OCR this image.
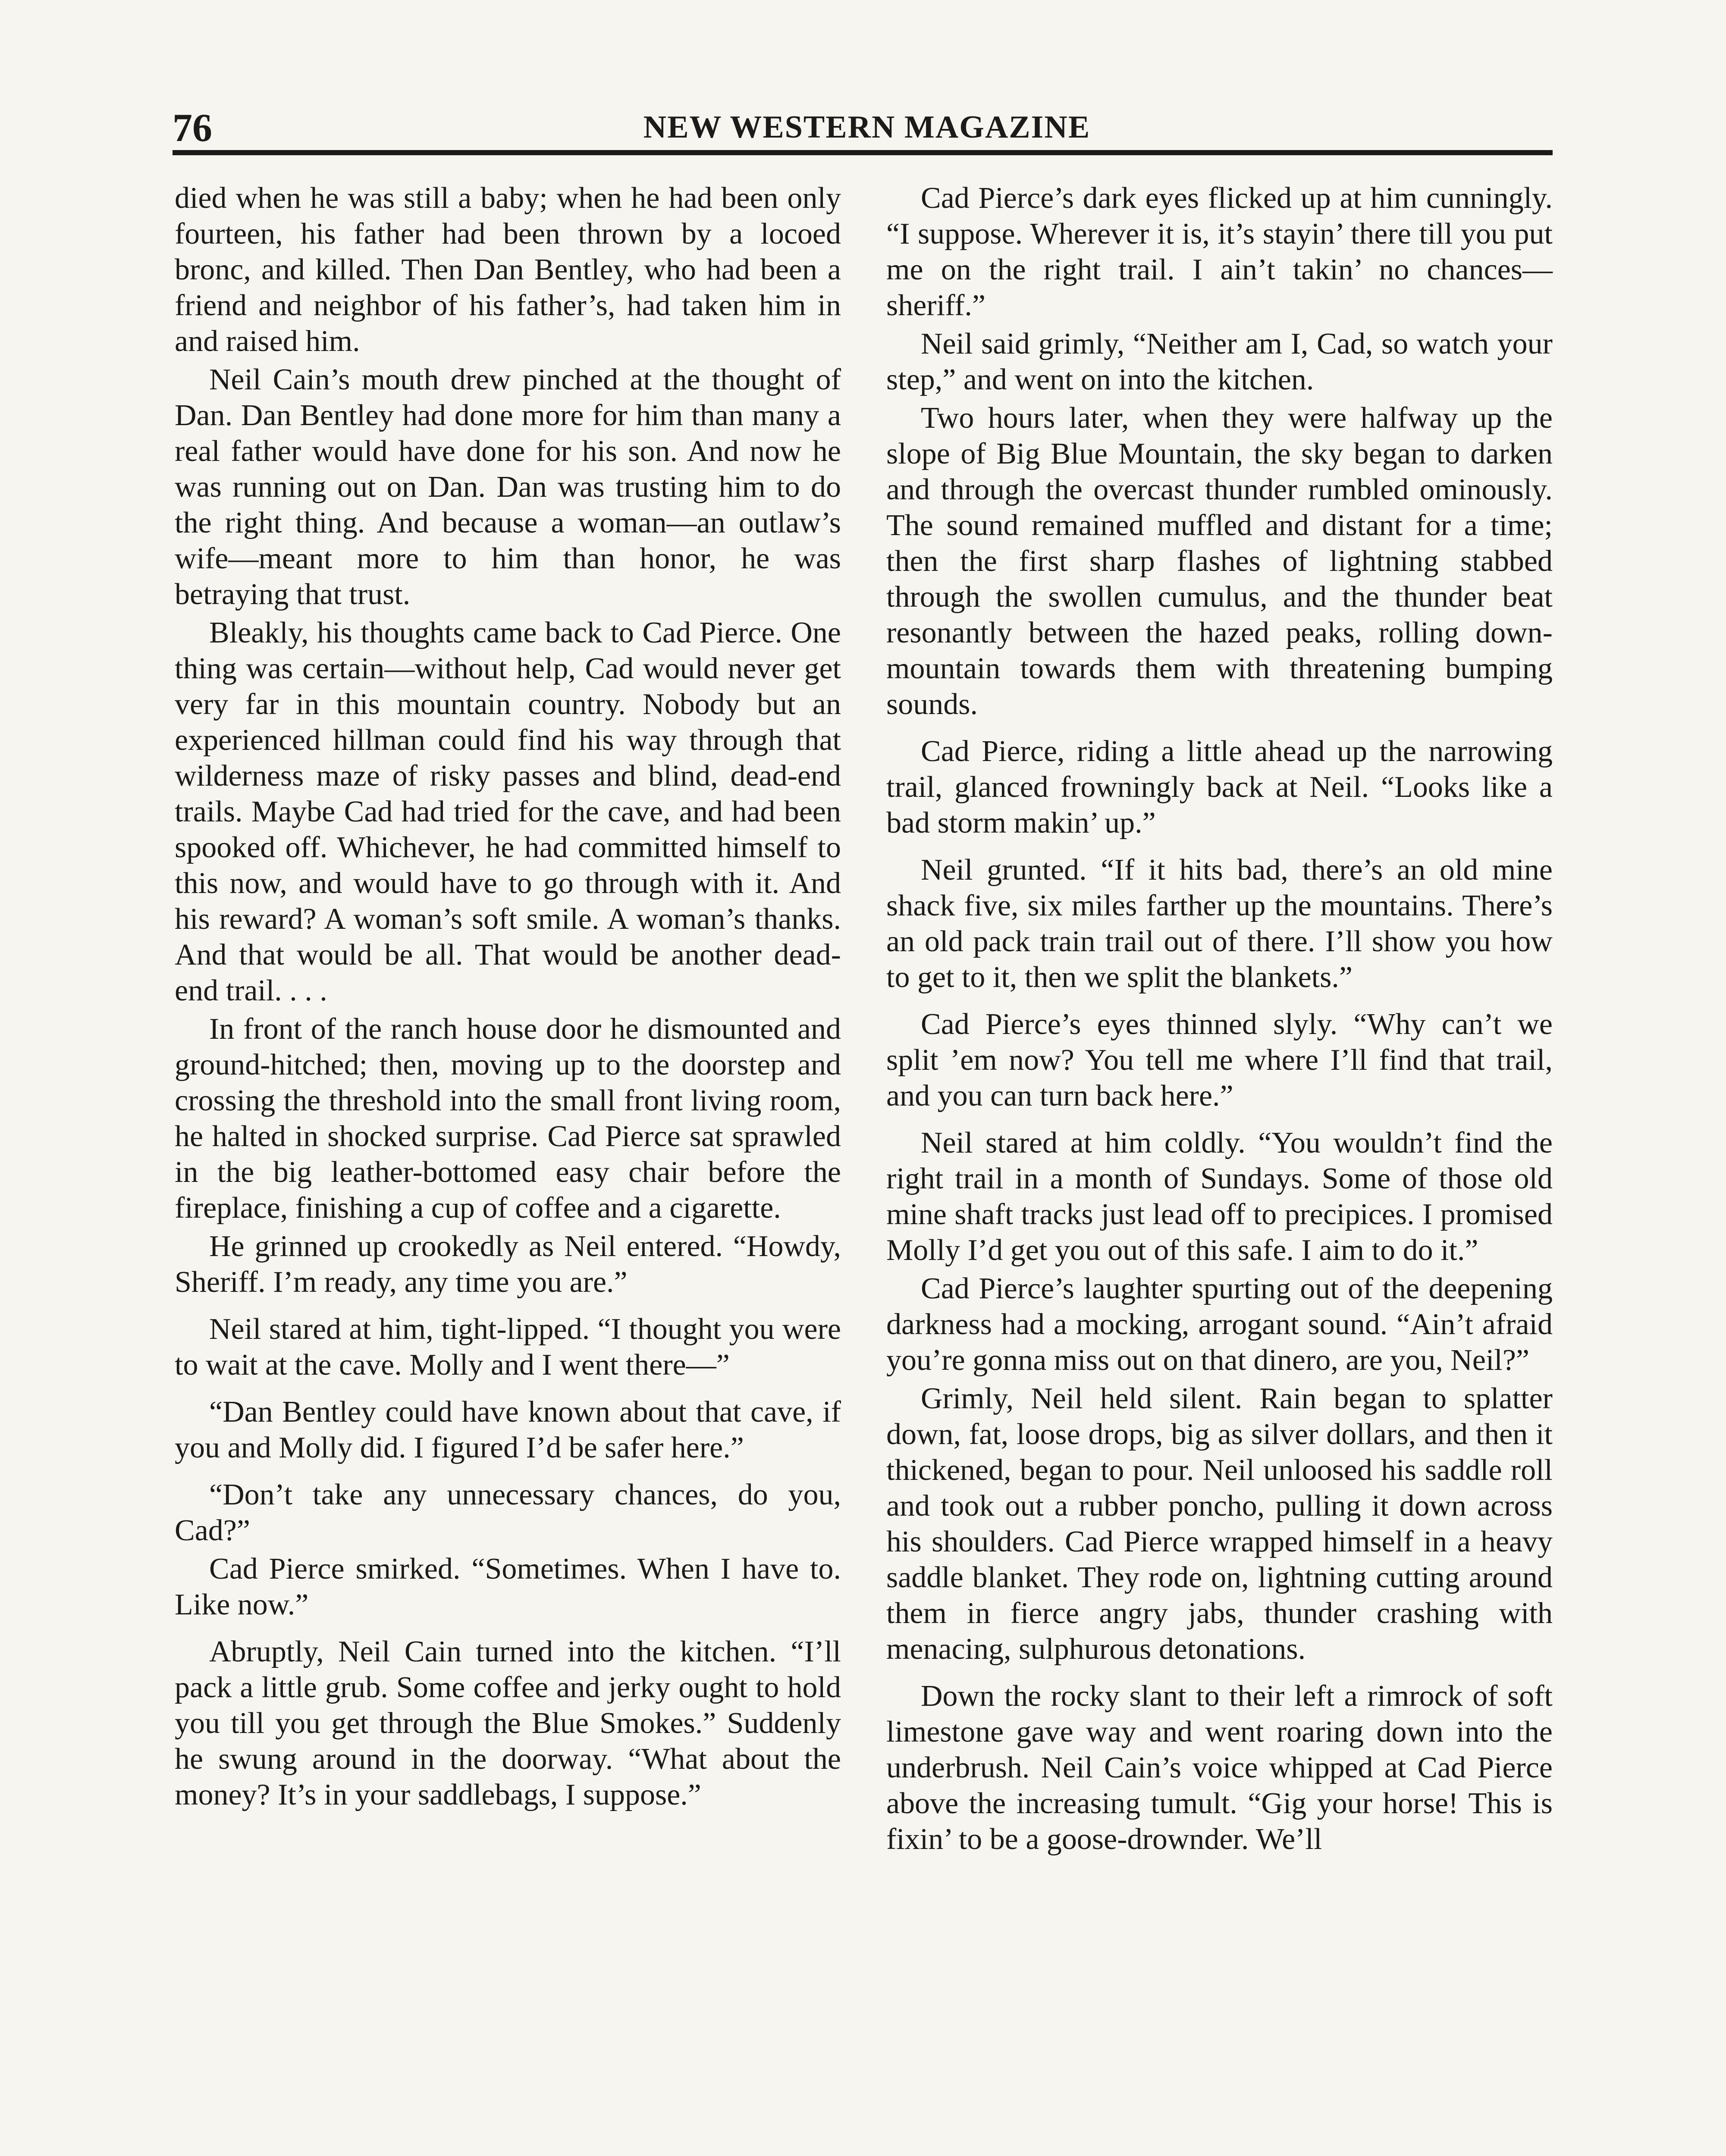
76	NEW WESTERN MAGAZINE

died when he was still a baby; when he had been only fourteen, his father had been thrown by a locoed bronc, and killed. Then Dan Bentley, who had been a friend and neighbor of his father’s, had taken him in and raised him.

Neil Cain’s mouth drew pinched at the thought of Dan. Dan Bentley had done more for him than many a real father would have done for his son. And now he was running out on Dan. Dan was trusting him to do the right thing. And because a woman—an outlaw’s wife—meant more to him than honor, he was betraying that trust.

Bleakly, his thoughts came back to Cad Pierce. One thing was certain—without help, Cad would never get very far in this mountain country. Nobody but an experienced hillman could find his way through that wilderness maze of risky passes and blind, dead-end trails. Maybe Cad had tried for the cave, and had been spooked off. Whichever, he had committed himself to this now, and would have to go through with it. And his reward? A woman’s soft smile. A woman’s thanks. And that would be all. That would be another dead-end trail. . . .

In front of the ranch house door he dismounted and ground-hitched; then, moving up to the doorstep and crossing the threshold into the small front living room, he halted in shocked surprise. Cad Pierce sat sprawled in the big leather-bottomed easy chair before the fireplace, finishing a cup of coffee and a cigarette.

He grinned up crookedly as Neil entered. “Howdy, Sheriff. I’m ready, any time you are.”

Neil stared at him, tight-lipped. “I thought you were to wait at the cave. Molly and I went there—”

“Dan Bentley could have known about that cave, if you and Molly did. I figured I’d be safer here.”

“Don’t take any unnecessary chances, do you, Cad?”

Cad Pierce smirked. “Sometimes. When I have to. Like now.”

Abruptly, Neil Cain turned into the kitchen. “I’ll pack a little grub. Some coffee and jerky ought to hold you till you get through the Blue Smokes.” Suddenly he swung around in the doorway. “What about the money? It’s in your saddlebags, I suppose.”

Cad Pierce’s dark eyes flicked up at him cunningly. “I suppose. Wherever it is, it’s stayin’ there till you put me on the right trail. I ain’t takin’ no chances—sheriff.”

Neil said grimly, “Neither am I, Cad, so watch your step,” and went on into the kitchen.

Two hours later, when they were halfway up the slope of Big Blue Mountain, the sky began to darken and through the overcast thunder rumbled ominously. The sound remained muffled and distant for a time; then the first sharp flashes of lightning stabbed through the swollen cumulus, and the thunder beat resonantly between the hazed peaks, rolling down-mountain towards them with threatening bumping sounds.

Cad Pierce, riding a little ahead up the narrowing trail, glanced frowningly back at Neil. “Looks like a bad storm makin’ up.”

Neil grunted. “If it hits bad, there’s an old mine shack five, six miles farther up the mountains. There’s an old pack train trail out of there. I’ll show you how to get to it, then we split the blankets.”

Cad Pierce’s eyes thinned slyly. “Why can’t we split ’em now? You tell me where I’ll find that trail, and you can turn back here.”

Neil stared at him coldly. “You wouldn’t find the right trail in a month of Sundays. Some of those old mine shaft tracks just lead off to precipices. I promised Molly I’d get you out of this safe. I aim to do it.”

Cad Pierce’s laughter spurting out of the deepening darkness had a mocking, arrogant sound. “Ain’t afraid you’re gonna miss out on that dinero, are you, Neil?”

Grimly, Neil held silent. Rain began to splatter down, fat, loose drops, big as silver dollars, and then it thickened, began to pour. Neil unloosed his saddle roll and took out a rubber poncho, pulling it down across his shoulders. Cad Pierce wrapped himself in a heavy saddle blanket. They rode on, lightning cutting around them in fierce angry jabs, thunder crashing with menacing, sulphurous detonations.

Down the rocky slant to their left a rimrock of soft limestone gave way and went roaring down into the underbrush. Neil Cain’s voice whipped at Cad Pierce above the increasing tumult. “Gig your horse! This is fixin’ to be a goose-drownder. We’ll
